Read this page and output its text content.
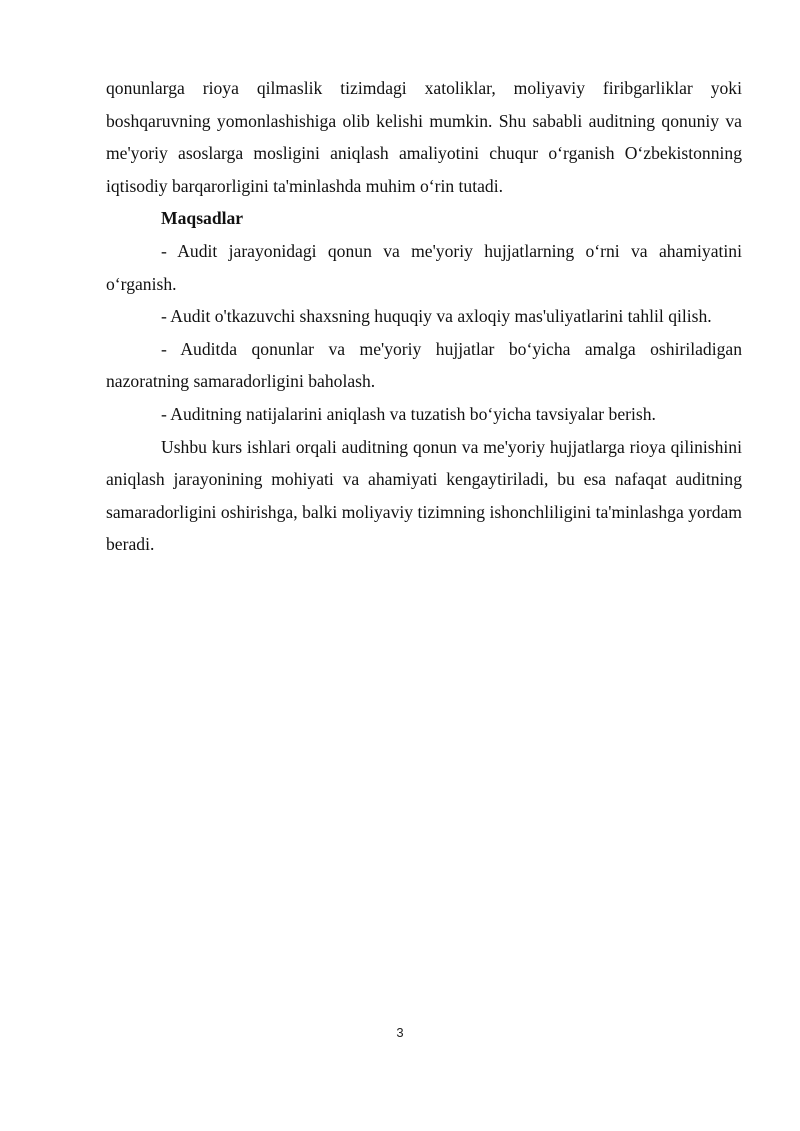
qonunlarga rioya qilmaslik tizimdagi xatoliklar, moliyaviy firibgarliklar yoki boshqaruvning yomonlashishiga olib kelishi mumkin. Shu sababli auditning qonuniy va me'yoriy asoslarga mosligini aniqlash amaliyotini chuqur o‘rganish O‘zbekistonning iqtisodiy barqarorligini ta'minlashda muhim o‘rin tutadi.

Maqsadlar

- Audit jarayonidagi qonun va me'yoriy hujjatlarning o‘rni va ahamiyatini o‘rganish.

- Audit o'tkazuvchi shaxsning huquqiy va axloqiy mas'uliyatlarini tahlil qilish.

- Auditda qonunlar va me'yoriy hujjatlar bo‘yicha amalga oshiriladigan nazoratning samaradorligini baholash.

- Auditning natijalarini aniqlash va tuzatish bo‘yicha tavsiyalar berish.

Ushbu kurs ishlari orqali auditning qonun va me'yoriy hujjatlarga rioya qilinishini aniqlash jarayonining mohiyati va ahamiyati kengaytiriladi, bu esa nafaqat auditning samaradorligini oshirishga, balki moliyaviy tizimning ishonchliligini ta'minlashga yordam beradi.

3
